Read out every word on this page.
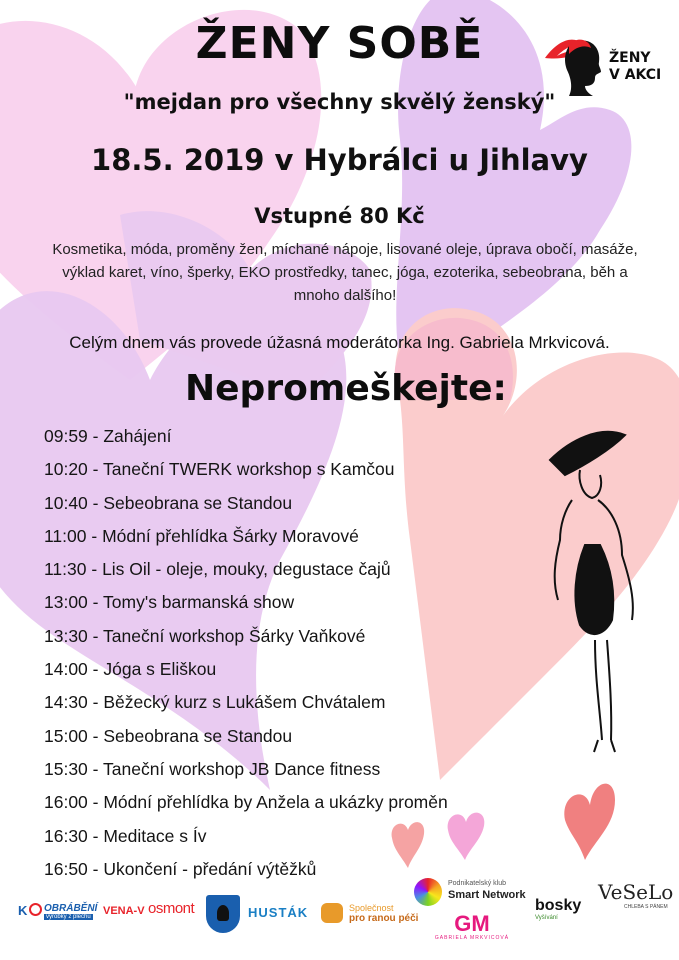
ŽENY
V AKCI
ŽENY SOBĚ
"mejdan pro všechny skvělý ženský"
18.5. 2019 v Hybrálci u Jihlavy
Vstupné 80 Kč
Kosmetika, móda, proměny žen, míchané nápoje, lisované oleje, úprava obočí, masáže,
výklad karet, víno, šperky, EKO prostředky, tanec, jóga, ezoterika, sebeobrana, běh a
mnoho dalšího!
Celým dnem vás provede úžasná moderátorka Ing. Gabriela Mrkvicová.
Nepromeškejte:
09:59 - Zahájení
10:20 - Taneční TWERK workshop s Kamčou
10:40 - Sebeobrana se Standou
11:00 - Módní přehlídka Šárky Moravové
11:30 - Lis Oil - oleje, mouky, degustace čajů
13:00 - Tomy's barmanská show
13:30 - Taneční workshop Šárky Vaňkové
14:00 - Jóga s Eliškou
14:30 - Běžecký kurz s Lukášem Chvátalem
15:00 - Sebeobrana se Standou
15:30 - Taneční workshop JB Dance fitness
16:00 - Módní přehlídka by Anžela a ukázky proměn
16:30 - Meditace s Ív
16:50 - Ukončení - předání výtěžků
K OBRÁBĚNÍ
výrobky z plechu VENA-V osmont	HUSTÁK	Společnost
pro ranou péči
Podnikatelský klub
Smart Network
GM
GABRIELA MRKVICOVÁ
bosky
Vyšívání
VeSeLo
CHLEBA S PÁNEM
